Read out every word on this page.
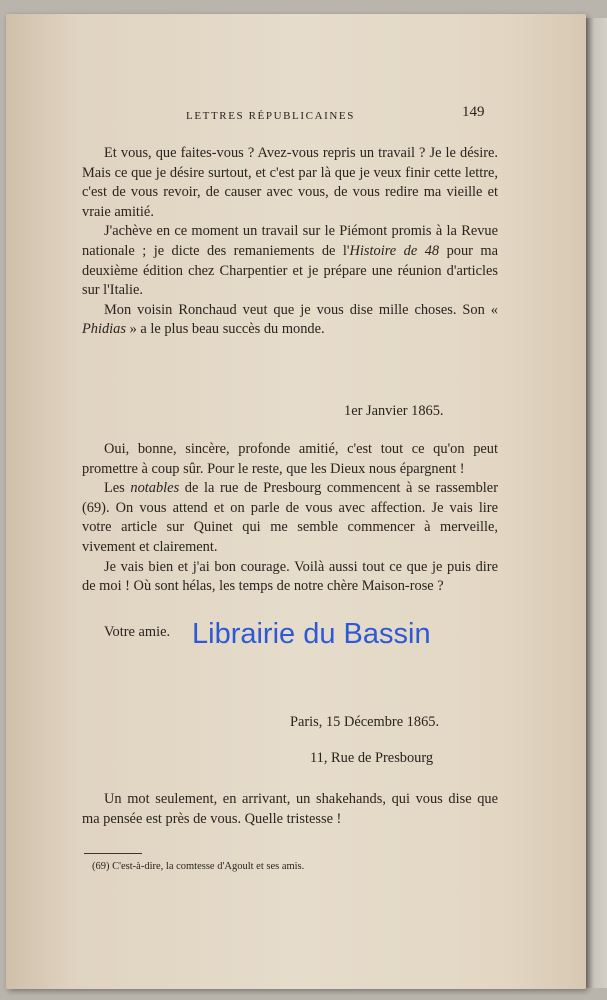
LETTRES RÉPUBLICAINES	149

Et vous, que faites-vous ? Avez-vous repris un travail ? Je le désire. Mais ce que je désire surtout, et c'est par là que je veux finir cette lettre, c'est de vous revoir, de causer avec vous, de vous redire ma vieille et vraie amitié.

J'achève en ce moment un travail sur le Piémont promis à la Revue nationale ; je dicte des remaniements de l'Histoire de 48 pour ma deuxième édition chez Charpentier et je prépare une réunion d'articles sur l'Italie.

Mon voisin Ronchaud veut que je vous dise mille choses. Son « Phidias » a le plus beau succès du monde.

1er Janvier 1865.

Oui, bonne, sincère, profonde amitié, c'est tout ce qu'on peut promettre à coup sûr. Pour le reste, que les Dieux nous épargnent !

Les notables de la rue de Presbourg commencent à se rassembler (69). On vous attend et on parle de vous avec affection. Je vais lire votre article sur Quinet qui me semble commencer à merveille, vivement et clairement.

Je vais bien et j'ai bon courage. Voilà aussi tout ce que je puis dire de moi ! Où sont hélas, les temps de notre chère Maison-rose ?

Votre amie. Librairie du Bassin
Paris, 15 Décembre 1865.
11, Rue de Presbourg

Un mot seulement, en arrivant, un shakehands, qui vous dise que ma pensée est près de vous. Quelle tristesse !

(69) C'est-à-dire, la comtesse d'Agoult et ses amis.
